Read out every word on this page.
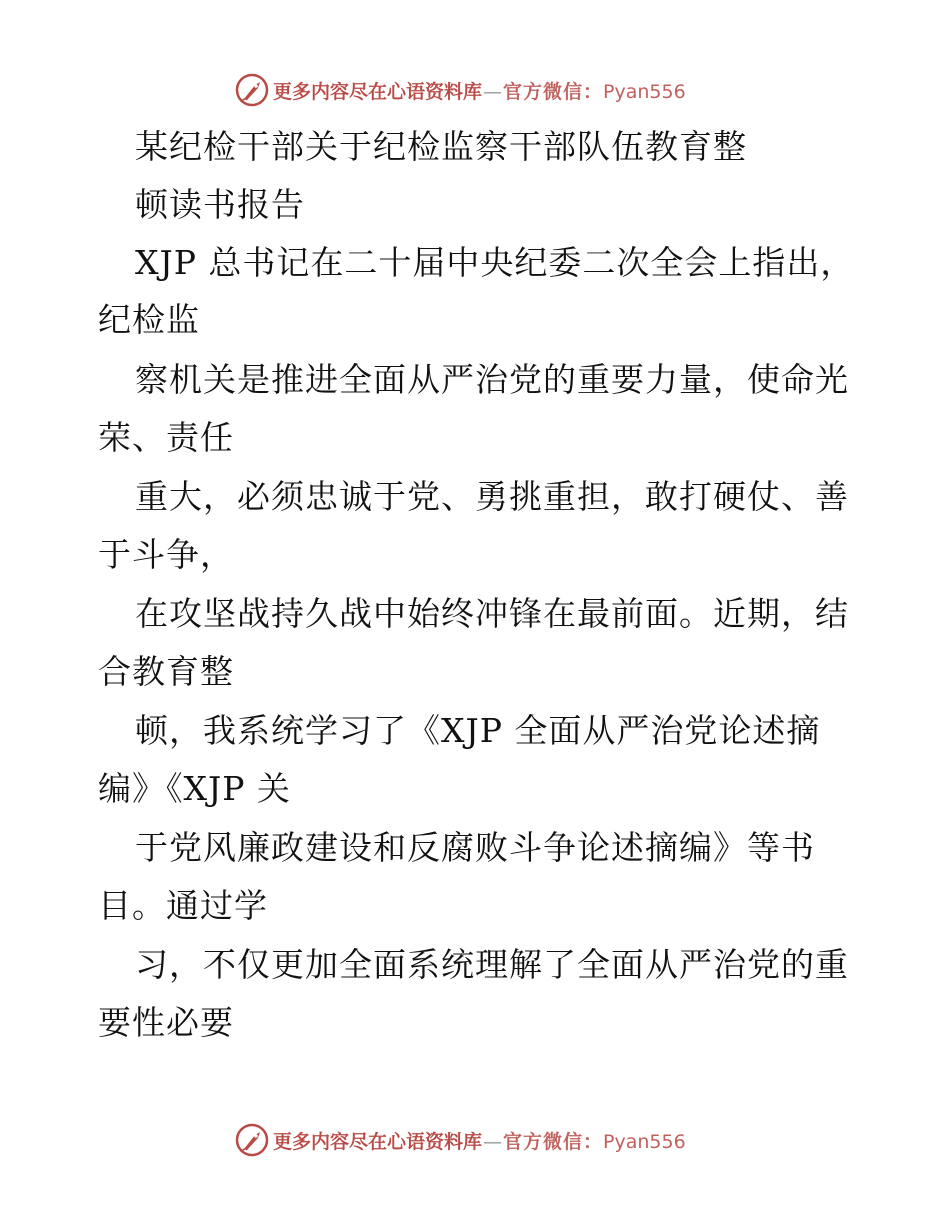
更多内容尽在心语资料库—官方微信：Pyan556
某纪检干部关于纪检监察干部队伍教育整
顿读书报告
XJP 总书记在二十届中央纪委二次全会上指出，
纪检监
察机关是推进全面从严治党的重要力量，使命光
荣、责任
重大，必须忠诚于党、勇挑重担，敢打硬仗、善
于斗争，
在攻坚战持久战中始终冲锋在最前面。近期，结
合教育整
顿，我系统学习了《XJP 全面从严治党论述摘
编》《XJP 关
于党风廉政建设和反腐败斗争论述摘编》等书
目。通过学
习，不仅更加全面系统理解了全面从严治党的重
要性必要
更多内容尽在心语资料库—官方微信：Pyan556
